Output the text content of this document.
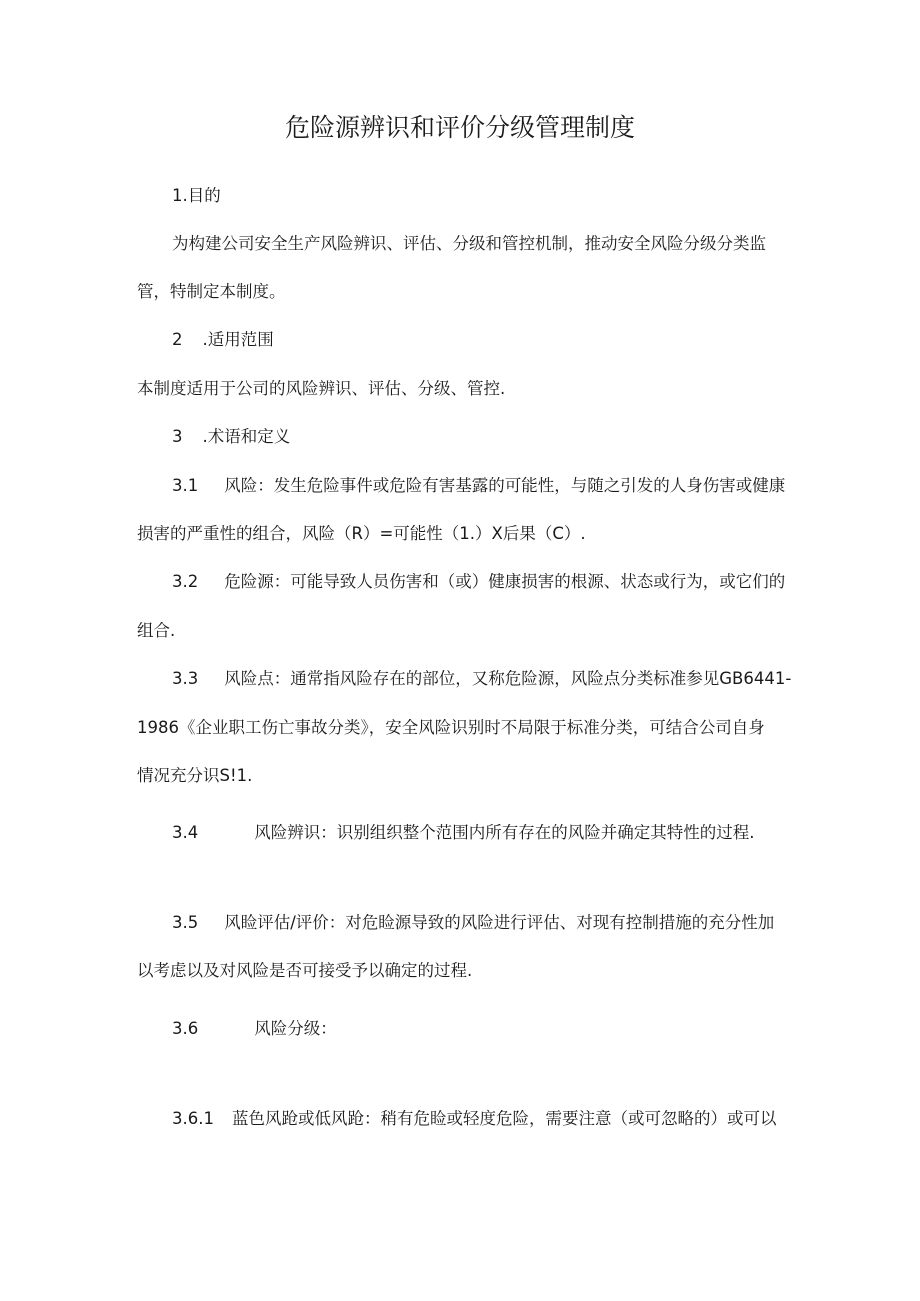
危险源辨识和评价分级管理制度
1.目的
为构建公司安全生产风险辨识、评估、分级和管控机制，推动安全风险分级分类监
管，特制定本制度。
2 .适用范围
本制度适用于公司的风险辨识、评估、分级、管控.
3 .术语和定义
3.1 风险：发生危险事件或危险有害基露的可能性，与随之引发的人身伤害或健康
损害的严重性的组合，风险（R）=可能性（1.）X后果（C）.
3.2 危险源：可能导致人员伤害和（或）健康损害的根源、状态或行为，或它们的
组合.
3.3 风险点：通常指风险存在的部位，又称危险源，风险点分类标准参见GB6441-
1986《企业职工伤亡事故分类》，安全风险识别时不局限于标准分类，可结合公司自身
情况充分识S!1.
3.4	风险辨识：识别组织整个范围内所有存在的风险并确定其特性的过程.
3.5 风睑评估/评价：对危睑源导致的风险进行评估、对现有控制措施的充分性加
以考虑以及对风险是否可接受予以确定的过程.
3.6	风险分级：
3.6.1 蓝色风跄或低风跄：稍有危睑或轻度危险，需要注意（或可忽略的）或可以
